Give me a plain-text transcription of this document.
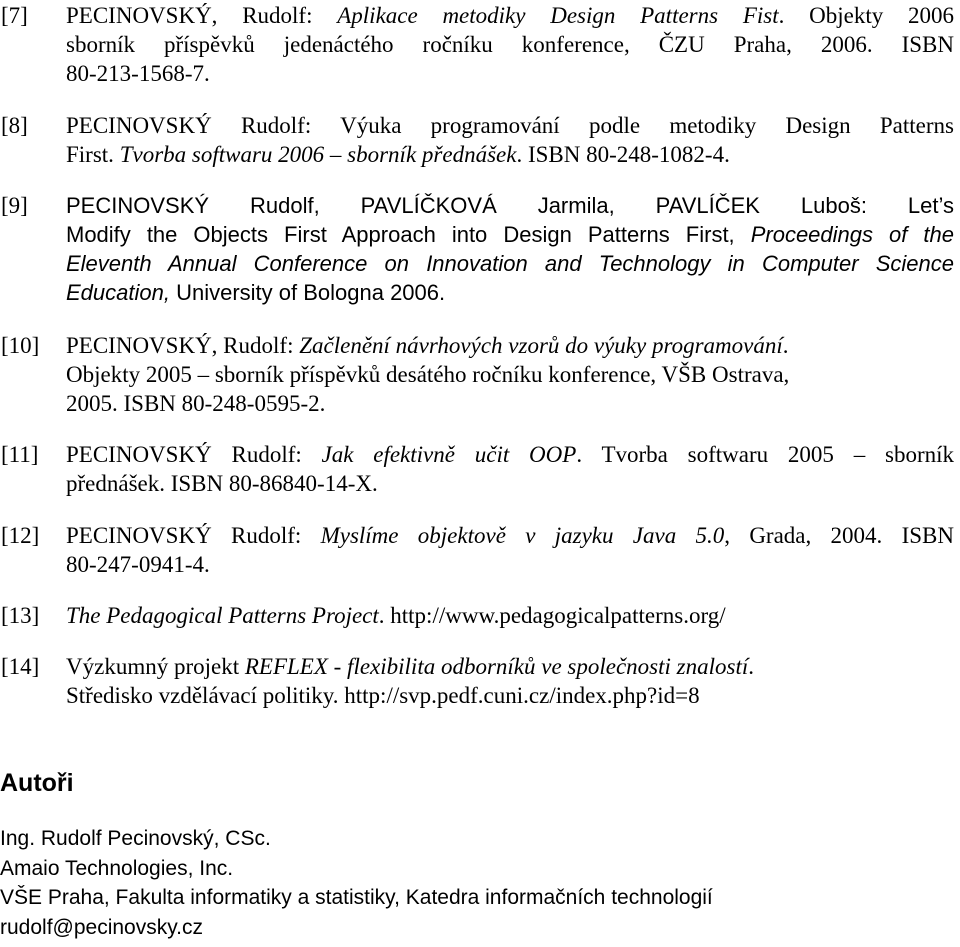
[7] PECINOVSKÝ, Rudolf: Aplikace metodiky Design Patterns Fist. Objekty 2006
sborník příspěvků jedenáctého ročníku konference, ČZU Praha, 2006. ISBN
80-213-1568-7.
[8] PECINOVSKÝ Rudolf: Výuka programování podle metodiky Design Patterns
First. Tvorba softwaru 2006 – sborník přednášek. ISBN 80-248-1082-4.
[9] PECINOVSKÝ Rudolf, PAVLÍČKOVÁ Jarmila, PAVLÍČEK Luboš: Let’s
Modify the Objects First Approach into Design Patterns First, Proceedings of the
Eleventh Annual Conference on Innovation and Technology in Computer Science
Education, University of Bologna 2006.
[10] PECINOVSKÝ, Rudolf: Začlenění návrhových vzorů do výuky programování.
Objekty 2005 – sborník příspěvků desátého ročníku konference, VŠB Ostrava,
2005. ISBN 80-248-0595-2.
[11] PECINOVSKÝ Rudolf: Jak efektivně učit OOP. Tvorba softwaru 2005 – sborník
přednášek. ISBN 80-86840-14-X.
[12] PECINOVSKÝ Rudolf: Myslíme objektově v jazyku Java 5.0, Grada, 2004. ISBN
80-247-0941-4.
[13] The Pedagogical Patterns Project. http://www.pedagogicalpatterns.org/
[14] Výzkumný projekt REFLEX - flexibilita odborníků ve společnosti znalostí.
Středisko vzdělávací politiky. http://svp.pedf.cuni.cz/index.php?id=8
Autoři
Ing. Rudolf Pecinovský, CSc.
Amaio Technologies, Inc.
VŠE Praha, Fakulta informatiky a statistiky, Katedra informačních technologií
rudolf@pecinovsky.cz
